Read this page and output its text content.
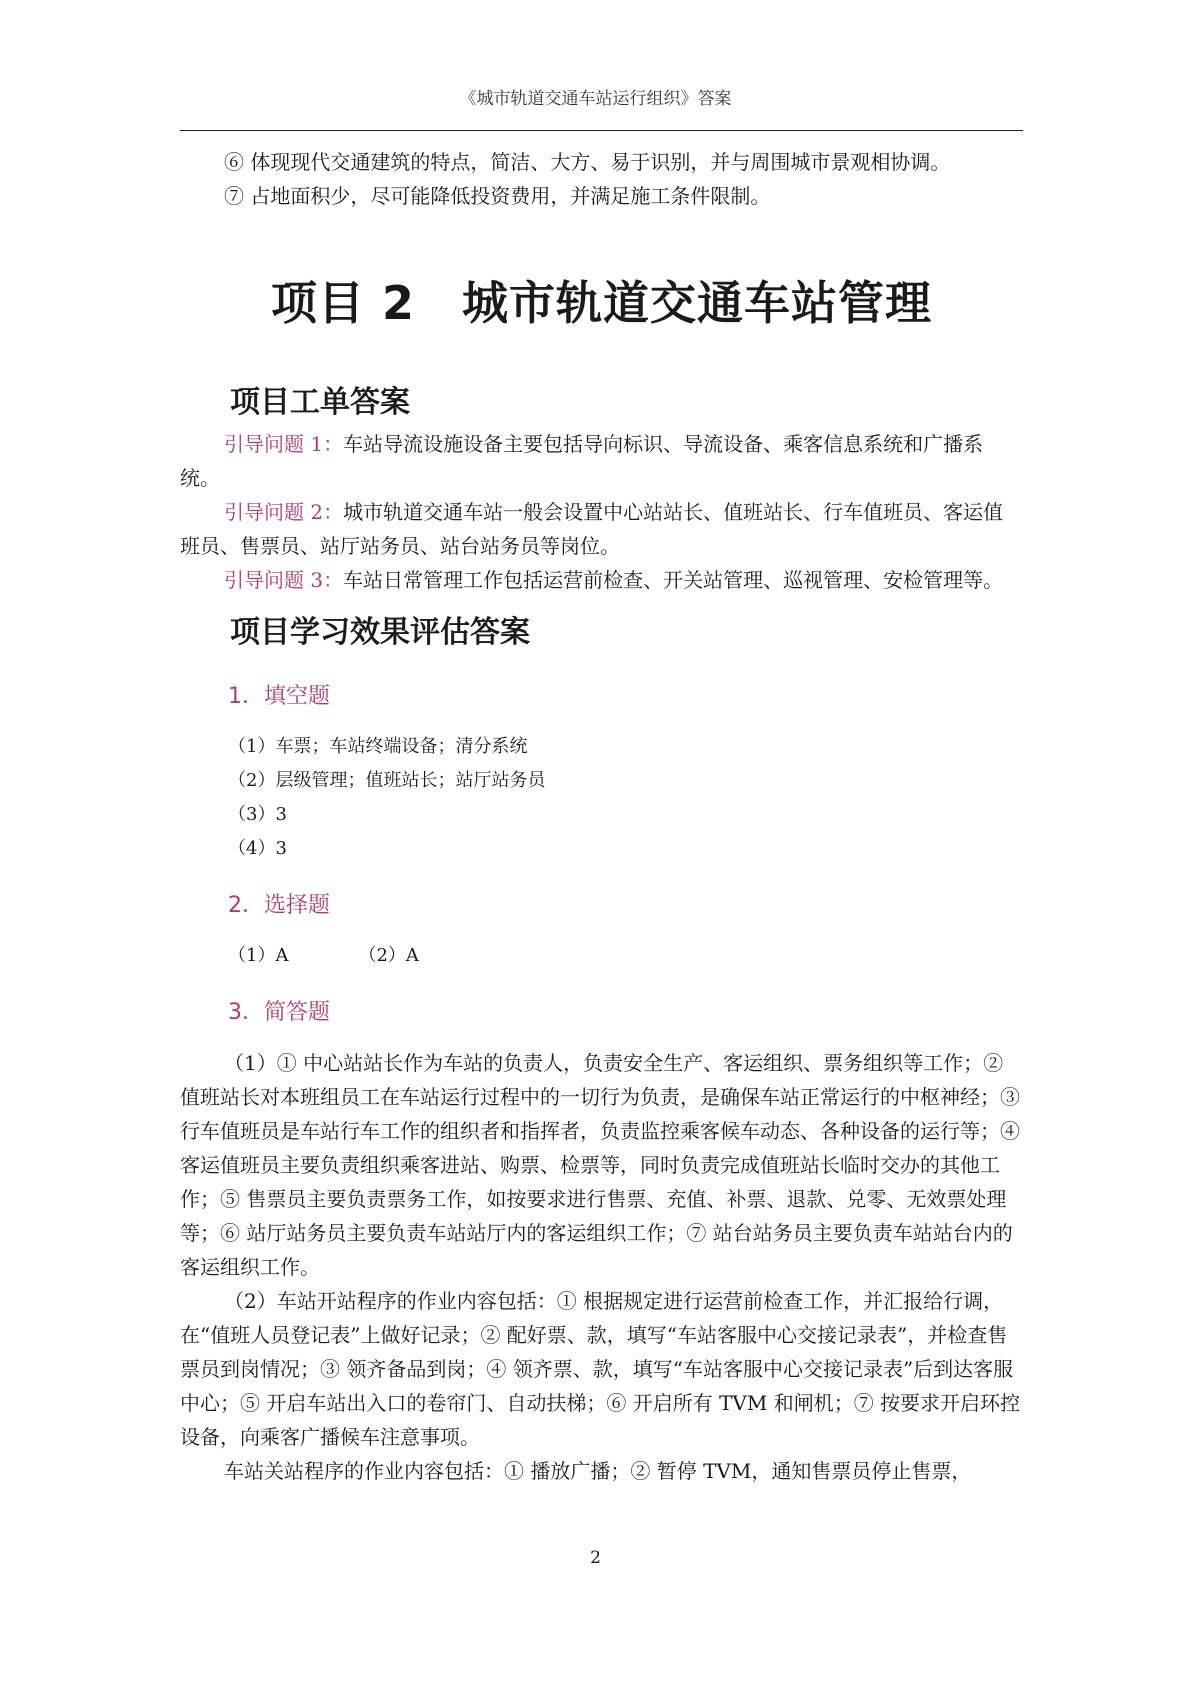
《城市轨道交通车站运行组织》答案
⑥ 体现现代交通建筑的特点，简洁、大方、易于识别，并与周围城市景观相协调。
⑦ 占地面积少，尽可能降低投资费用，并满足施工条件限制。
项目 2　城市轨道交通车站管理
项目工单答案

引导问题 1：车站导流设施设备主要包括导向标识、导流设备、乘客信息系统和广播系统。

引导问题 2：城市轨道交通车站一般会设置中心站站长、值班站长、行车值班员、客运值班员、售票员、站厅站务员、站台站务员等岗位。

引导问题 3：车站日常管理工作包括运营前检查、开关站管理、巡视管理、安检管理等。

项目学习效果评估答案
1．填空题

（1）车票；车站终端设备；清分系统

（2）层级管理；值班站长；站厅站务员

（3）3

（4）3

2．选择题

（1）A	（2）A

3．简答题

（1）① 中心站站长作为车站的负责人，负责安全生产、客运组织、票务组织等工作；② 值班站长对本班组员工在车站运行过程中的一切行为负责，是确保车站正常运行的中枢神经；③ 行车值班员是车站行车工作的组织者和指挥者，负责监控乘客候车动态、各种设备的运行等；④ 客运值班员主要负责组织乘客进站、购票、检票等，同时负责完成值班站长临时交办的其他工作；⑤ 售票员主要负责票务工作，如按要求进行售票、充值、补票、退款、兑零、无效票处理等；⑥ 站厅站务员主要负责车站站厅内的客运组织工作；⑦ 站台站务员主要负责车站站台内的客运组织工作。

（2）车站开站程序的作业内容包括：① 根据规定进行运营前检查工作，并汇报给行调，在“值班人员登记表”上做好记录；② 配好票、款，填写“车站客服中心交接记录表”，并检查售票员到岗情况；③ 领齐备品到岗；④ 领齐票、款，填写“车站客服中心交接记录表”后到达客服中心；⑤ 开启车站出入口的卷帘门、自动扶梯；⑥ 开启所有 TVM 和闸机；⑦ 按要求开启环控设备，向乘客广播候车注意事项。

车站关站程序的作业内容包括：① 播放广播；② 暂停 TVM，通知售票员停止售票，

2
